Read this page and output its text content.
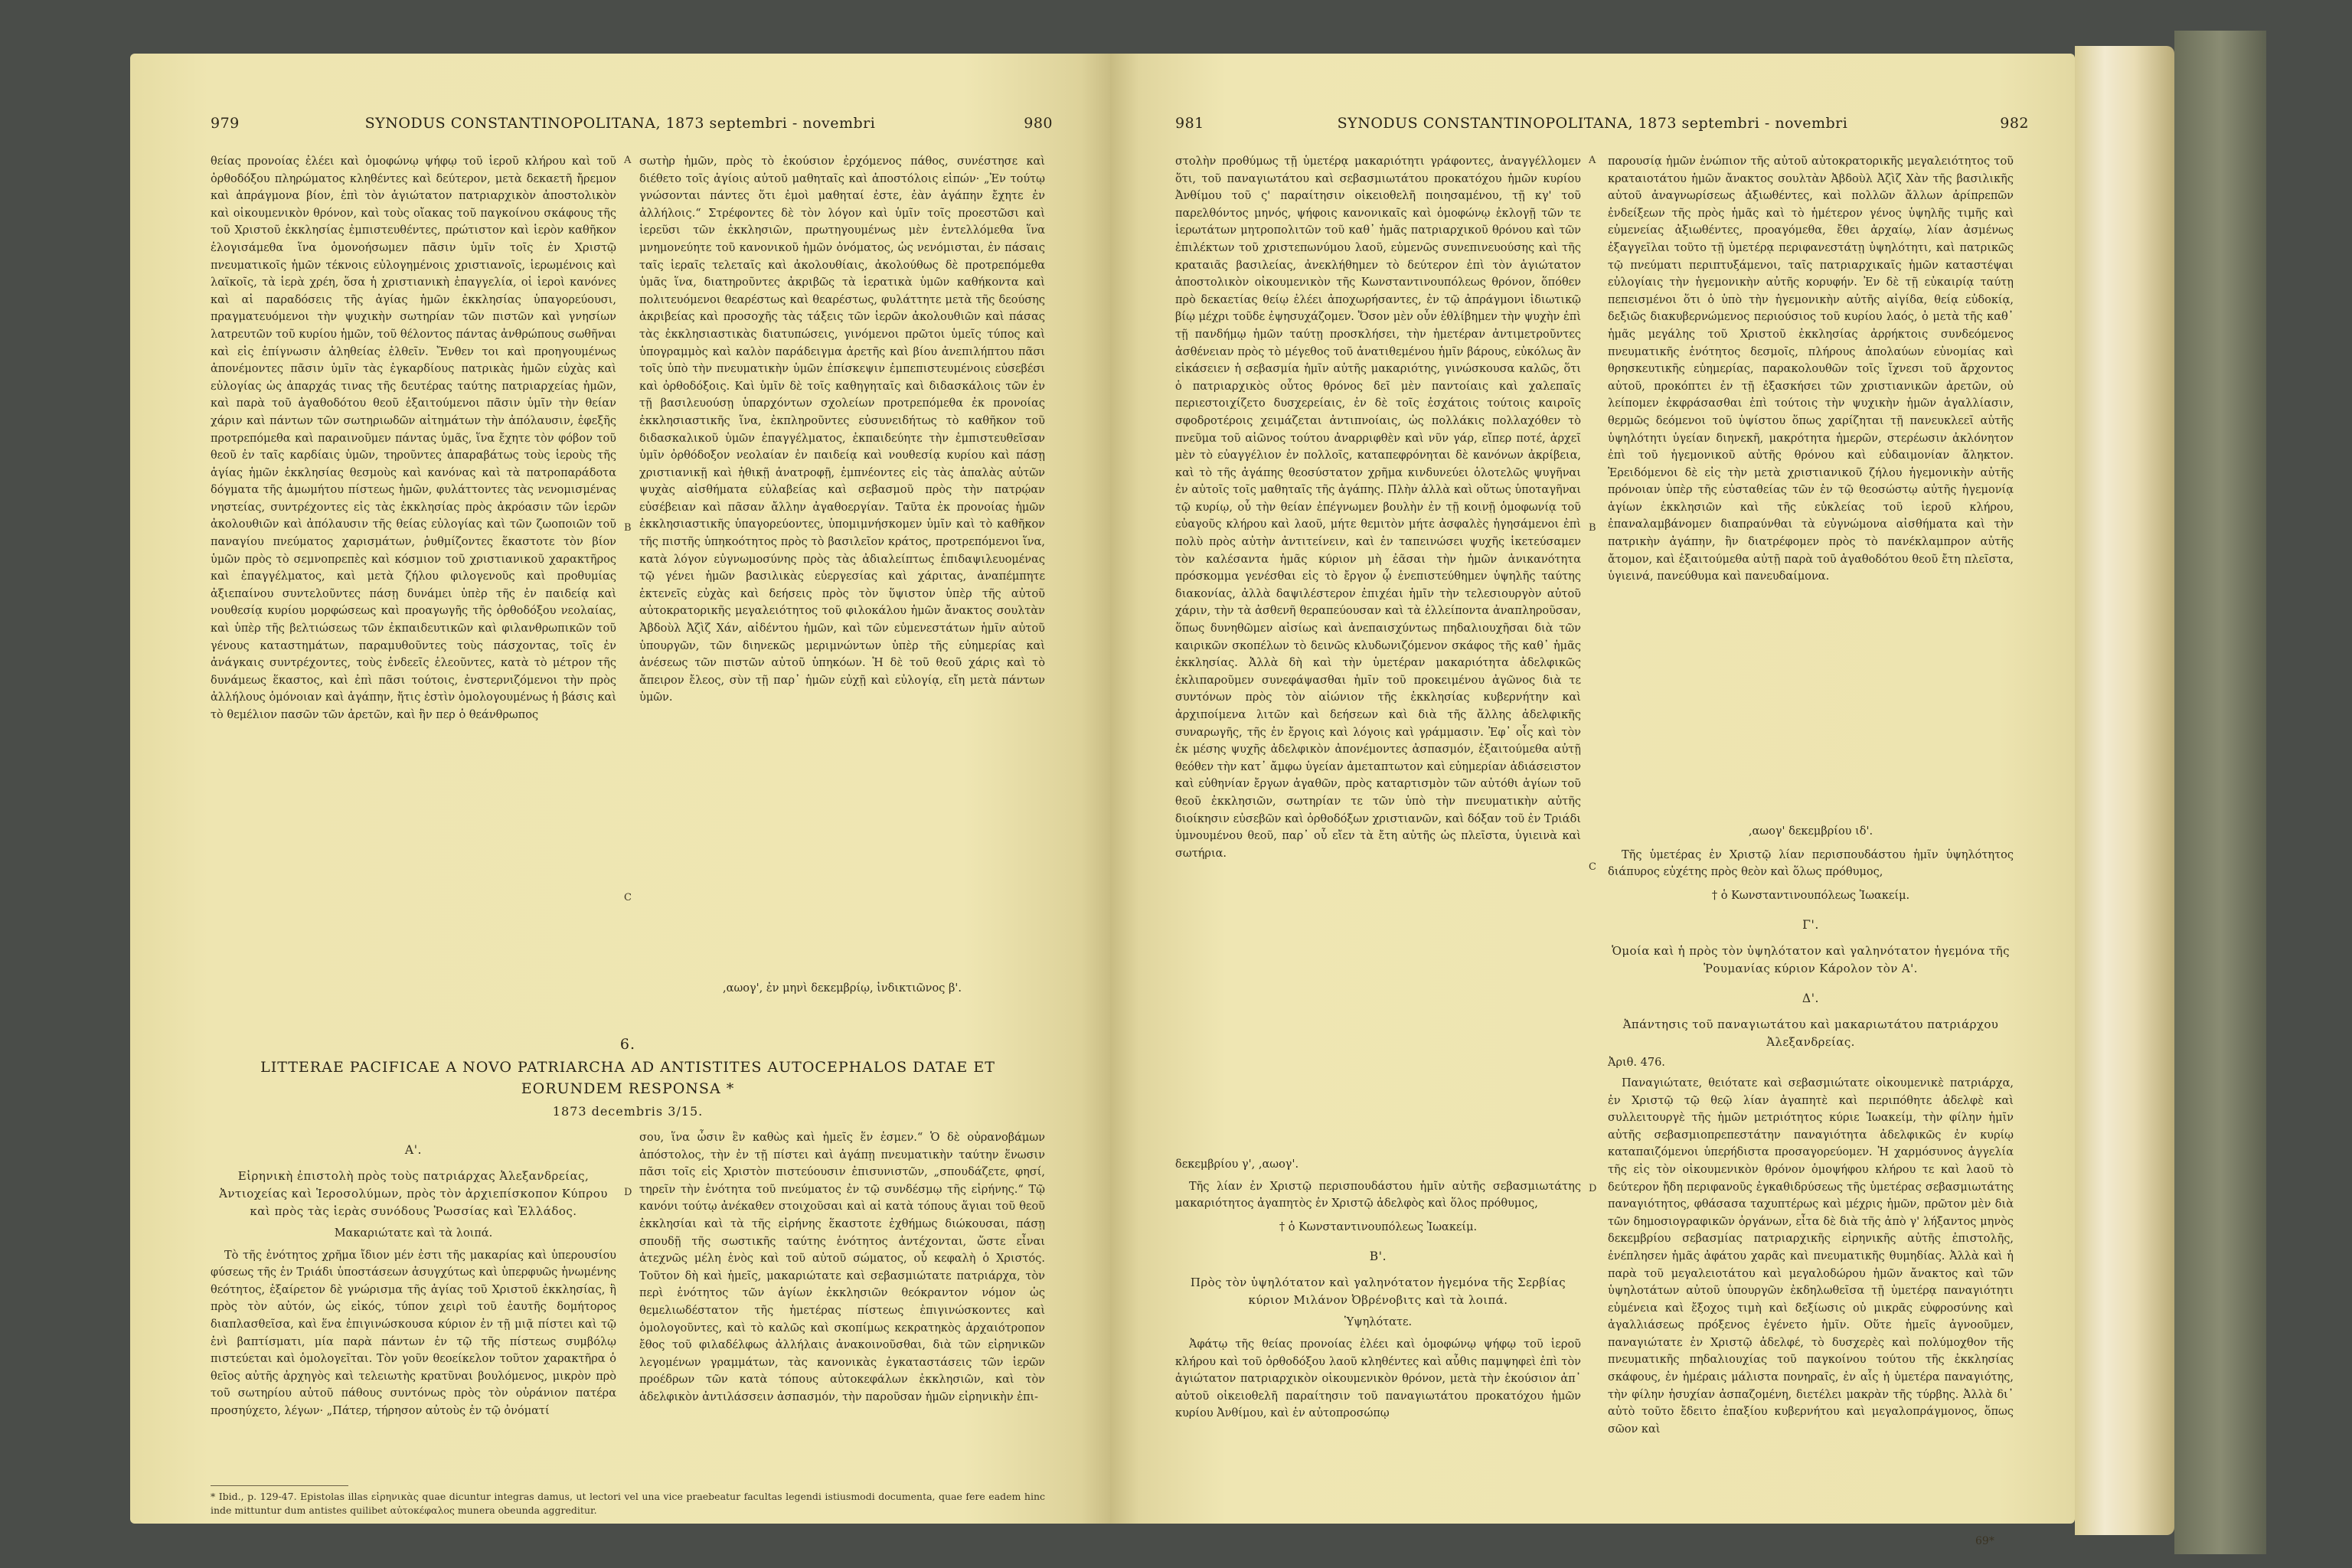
979	SYNODUS CONSTANTINOPOLITANA, 1873 septembri - novembri	980

θείας προνοίας ἐλέει καὶ ὁμοφώνῳ ψήφῳ τοῦ ἱεροῦ κλήρου καὶ τοῦ ὀρθοδόξου πληρώματος κληθέντες καὶ δεύτερον, μετὰ δεκαετῆ ἤρεμον καὶ ἀπράγμονα βίον, ἐπὶ τὸν ἁγιώτατον πατριαρχικὸν ἀποστολικὸν καὶ οἰκουμενικὸν θρόνον, καὶ τοὺς οἴακας τοῦ παγκοίνου σκάφους τῆς τοῦ Χριστοῦ ἐκκλησίας ἐμπιστευθέντες, πρώτιστον καὶ ἱερὸν καθῆκον ἐλογισάμεθα ἵνα ὁμονοήσωμεν πᾶσιν ὑμῖν τοῖς ἐν Χριστῷ πνευματικοῖς ἡμῶν τέκνοις εὐλογημένοις χριστιανοῖς, ἱερωμένοις καὶ λαϊκοῖς, τὰ ἱερὰ χρέη, ὅσα ἡ χριστιανικὴ ἐπαγγελία, οἱ ἱεροὶ κανόνες καὶ αἱ παραδόσεις τῆς ἁγίας ἡμῶν ἐκκλησίας ὑπαγορεύουσι, πραγματευόμενοι τὴν ψυχικὴν σωτηρίαν τῶν πιστῶν καὶ γνησίων λατρευτῶν τοῦ κυρίου ἡμῶν, τοῦ θέλοντος πάντας ἀνθρώπους σωθῆναι καὶ εἰς ἐπίγνωσιν ἀληθείας ἐλθεῖν. Ἔνθεν τοι καὶ προηγουμένως ἀπονέμοντες πᾶσιν ὑμῖν τὰς ἐγκαρδίους πατρικὰς ἡμῶν εὐχὰς καὶ εὐλογίας ὡς ἀπαρχάς τινας τῆς δευτέρας ταύτης πατριαρχείας ἡμῶν, καὶ παρὰ τοῦ ἀγαθοδότου θεοῦ ἐξαιτούμενοι πᾶσιν ὑμῖν τὴν θείαν χάριν καὶ πάντων τῶν σωτηριωδῶν αἰτημάτων τὴν ἀπόλαυσιν, ἐφεξῆς προτρεπόμεθα καὶ παραινοῦμεν πάντας ὑμᾶς, ἵνα ἔχητε τὸν φόβον τοῦ θεοῦ ἐν ταῖς καρδίαις ὑμῶν, τηροῦντες ἀπαραβάτως τοὺς ἱεροὺς τῆς ἁγίας ἡμῶν ἐκκλησίας θεσμοὺς καὶ κανόνας καὶ τὰ πατροπαράδοτα δόγματα τῆς ἀμωμήτου πίστεως ἡμῶν, φυλάττοντες τὰς νενομισμένας νηστείας, συντρέχοντες εἰς τὰς ἐκκλησίας πρὸς ἀκρόασιν τῶν ἱερῶν ἀκολουθιῶν καὶ ἀπόλαυσιν τῆς θείας εὐλογίας καὶ τῶν ζωοποιῶν τοῦ παναγίου πνεύματος χαρισμάτων, ῥυθμίζοντες ἕκαστοτε τὸν βίον ὑμῶν πρὸς τὸ σεμνοπρεπὲς καὶ κόσμιον τοῦ χριστιανικοῦ χαρακτῆρος καὶ ἐπαγγέλματος, καὶ μετὰ ζήλου φιλογενοῦς καὶ προθυμίας ἀξιεπαίνου συντελοῦντες πάσῃ δυνάμει ὑπὲρ τῆς ἐν παιδείᾳ καὶ νουθεσίᾳ κυρίου μορφώσεως καὶ προαγωγῆς τῆς ὀρθοδόξου νεολαίας, καὶ ὑπὲρ τῆς βελτιώσεως τῶν ἐκπαιδευτικῶν καὶ φιλανθρωπικῶν τοῦ γένους καταστημάτων, παραμυθοῦντες τοὺς πάσχοντας, τοῖς ἐν ἀνάγκαις συντρέχοντες, τοὺς ἐνδεεῖς ἐλεοῦντες, κατὰ τὸ μέτρον τῆς δυνάμεως ἕκαστος, καὶ ἐπὶ πᾶσι τούτοις, ἐνστερνιζόμενοι τὴν πρὸς ἀλλήλους ὁμόνοιαν καὶ ἀγάπην, ἥτις ἐστὶν ὁμολογουμένως ἡ βάσις καὶ τὸ θεμέλιον πασῶν τῶν ἀρετῶν, καὶ ἣν περ ὁ θεάνθρωπος

σωτὴρ ἡμῶν, πρὸς τὸ ἑκούσιον ἐρχόμενος πάθος, συνέστησε καὶ διέθετο τοῖς ἁγίοις αὐτοῦ μαθηταῖς καὶ ἀποστόλοις εἰπών· „Ἐν τούτῳ γνώσονται πάντες ὅτι ἐμοὶ μαθηταί ἐστε, ἐὰν ἀγάπην ἔχητε ἐν ἀλλήλοις.“ Στρέφοντες δὲ τὸν λόγον καὶ ὑμῖν τοῖς προεστῶσι καὶ ἱερεῦσι τῶν ἐκκλησιῶν, πρωτηγουμένως μὲν ἐντελλόμεθα ἵνα μνημονεύητε τοῦ κανονικοῦ ἡμῶν ὀνόματος, ὡς νενόμισται, ἐν πάσαις ταῖς ἱεραῖς τελεταῖς καὶ ἀκολουθίαις, ἀκολούθως δὲ προτρεπόμεθα ὑμᾶς ἵνα, διατηροῦντες ἀκριβῶς τὰ ἱερατικὰ ὑμῶν καθήκοντα καὶ πολιτευόμενοι θεαρέστως καὶ θεαρέστως, φυλάττητε μετὰ τῆς δεούσης ἀκριβείας καὶ προσοχῆς τὰς τάξεις τῶν ἱερῶν ἀκολουθιῶν καὶ πάσας τὰς ἐκκλησιαστικὰς διατυπώσεις, γινόμενοι πρῶτοι ὑμεῖς τύπος καὶ ὑπογραμμὸς καὶ καλὸν παράδειγμα ἀρετῆς καὶ βίου ἀνεπιλήπτου πᾶσι τοῖς ὑπὸ τὴν πνευματικὴν ὑμῶν ἐπίσκεψιν ἐμπεπιστευμένοις εὐσεβέσι καὶ ὀρθοδόξοις. Καὶ ὑμῖν δὲ τοῖς καθηγηταῖς καὶ διδασκάλοις τῶν ἐν τῇ βασιλευούσῃ ὑπαρχόντων σχολείων προτρεπόμεθα ἐκ προνοίας ἐκκλησιαστικῆς ἵνα, ἐκπληροῦντες εὐσυνειδήτως τὸ καθῆκον τοῦ διδασκαλικοῦ ὑμῶν ἐπαγγέλματος, ἐκπαιδεύητε τὴν ἐμπιστευθεῖσαν ὑμῖν ὀρθόδοξον νεολαίαν ἐν παιδείᾳ καὶ νουθεσίᾳ κυρίου καὶ πάσῃ χριστιανικῇ καὶ ἠθικῇ ἀνατροφῇ, ἐμπνέοντες εἰς τὰς ἁπαλὰς αὐτῶν ψυχὰς αἰσθήματα εὐλαβείας καὶ σεβασμοῦ πρὸς τὴν πατρῴαν εὐσέβειαν καὶ πᾶσαν ἄλλην ἀγαθοεργίαν. Ταῦτα ἐκ προνοίας ἡμῶν ἐκκλησιαστικῆς ὑπαγορεύοντες, ὑπομιμνήσκομεν ὑμῖν καὶ τὸ καθῆκον τῆς πιστῆς ὑπηκοότητος πρὸς τὸ βασιλεῖον κράτος, προτρεπόμενοι ἵνα, κατὰ λόγον εὐγνωμοσύνης πρὸς τὰς ἀδιαλείπτως ἐπιδαψιλευομένας τῷ γένει ἡμῶν βασιλικὰς εὐεργεσίας καὶ χάριτας, ἀναπέμπητε ἐκτενεῖς εὐχὰς καὶ δεήσεις πρὸς τὸν ὕψιστον ὑπὲρ τῆς αὐτοῦ αὐτοκρατορικῆς μεγαλειότητος τοῦ φιλοκάλου ἡμῶν ἄνακτος σουλτὰν Ἀβδοὺλ Ἀζὶζ Χάν, αἰδέντου ἡμῶν, καὶ τῶν εὐμενεστάτων ἡμῖν αὐτοῦ ὑπουργῶν, τῶν διηνεκῶς μεριμνώντων ὑπὲρ τῆς εὐημερίας καὶ ἀνέσεως τῶν πιστῶν αὐτοῦ ὑπηκόων. Ἡ δὲ τοῦ θεοῦ χάρις καὶ τὸ ἄπειρον ἔλεος, σὺν τῇ παρ᾽ ἡμῶν εὐχῇ καὶ εὐλογίᾳ, εἴη μετὰ πάντων ὑμῶν.

,αωογ', ἐν μηνὶ δεκεμβρίῳ, ἰνδικτιῶνος β'.
A
B
C
D
6.
LITTERAE PACIFICAE A NOVO PATRIARCHA AD ANTISTITES AUTOCEPHALOS DATAE ET EORUNDEM RESPONSA *
1873 decembris 3/15.
Α'.

Εἰρηνικὴ ἐπιστολὴ πρὸς τοὺς πατριάρχας Ἀλεξανδρείας, Ἀντιοχείας καὶ Ἱεροσολύμων, πρὸς τὸν ἀρχιεπίσκοπον Κύπρου καὶ πρὸς τὰς ἱερὰς συνόδους Ῥωσσίας καὶ Ἑλλάδος.

Μακαριώτατε καὶ τὰ λοιπά.

Τὸ τῆς ἑνότητος χρῆμα ἴδιον μέν ἐστι τῆς μακαρίας καὶ ὑπερουσίου φύσεως τῆς ἐν Τριάδι ὑποστάσεων ἀσυγχύτως καὶ ὑπερφυῶς ἡνωμένης θεότητος, ἐξαίρετον δὲ γνώρισμα τῆς ἁγίας τοῦ Χριστοῦ ἐκκλησίας, ἣ πρὸς τὸν αὐτόν, ὡς εἰκός, τύπον χειρὶ τοῦ ἑαυτῆς δομήτορος διαπλασθεῖσα, καὶ ἕνα ἐπιγινώσκουσα κύριον ἐν τῇ μιᾷ πίστει καὶ τῷ ἑνὶ βαπτίσματι, μία παρὰ πάντων ἐν τῷ τῆς πίστεως συμβόλῳ πιστεύεται καὶ ὁμολογεῖται. Τὸν γοῦν θεοείκελον τοῦτον χαρακτῆρα ὁ θεῖος αὐτῆς ἀρχηγὸς καὶ τελειωτὴς κρατῦναι βουλόμενος, μικρὸν πρὸ τοῦ σωτηρίου αὐτοῦ πάθους συντόνως πρὸς τὸν οὐράνιον πατέρα προσηύχετο, λέγων· „Πάτερ, τήρησον αὐτοὺς ἐν τῷ ὀνόματί

σου, ἵνα ὦσιν ἓν καθὼς καὶ ἡμεῖς ἕν ἐσμεν.“ Ὁ δὲ οὐρανοβάμων ἀπόστολος, τὴν ἐν τῇ πίστει καὶ ἀγάπῃ πνευματικὴν ταύτην ἕνωσιν πᾶσι τοῖς εἰς Χριστὸν πιστεύουσιν ἐπισυνιστῶν, „σπουδάζετε, φησί, τηρεῖν τὴν ἑνότητα τοῦ πνεύματος ἐν τῷ συνδέσμῳ τῆς εἰρήνης.“ Τῷ κανόνι τούτῳ ἀνέκαθεν στοιχοῦσαι καὶ αἱ κατὰ τόπους ἅγιαι τοῦ θεοῦ ἐκκλησίαι καὶ τὰ τῆς εἰρήνης ἕκαστοτε ἐχθήμως διώκουσαι, πάσῃ σπουδῇ τῆς σωστικῆς ταύτης ἑνότητος ἀντέχονται, ὥστε εἶναι ἀτεχνῶς μέλη ἑνὸς καὶ τοῦ αὐτοῦ σώματος, οὗ κεφαλὴ ὁ Χριστός. Τοῦτον δὴ καὶ ἡμεῖς, μακαριώτατε καὶ σεβασμιώτατε πατριάρχα, τὸν περὶ ἑνότητος τῶν ἁγίων ἐκκλησιῶν θεόκραντον νόμον ὡς θεμελιωδέστατον τῆς ἡμετέρας πίστεως ἐπιγινώσκοντες καὶ ὁμολογοῦντες, καὶ τὸ καλῶς καὶ σκοπίμως κεκρατηκὸς ἀρχαιότροπον ἔθος τοῦ φιλαδέλφως ἀλλήλαις ἀνακοινοῦσθαι, διὰ τῶν εἰρηνικῶν λεγομένων γραμμάτων, τὰς κανονικὰς ἐγκαταστάσεις τῶν ἱερῶν προέδρων τῶν κατὰ τόπους αὐτοκεφάλων ἐκκλησιῶν, καὶ τὸν ἀδελφικὸν ἀντιλάσσειν ἀσπασμόν, τὴν παροῦσαν ἡμῶν εἰρηνικὴν ἐπι-

* Ibid., p. 129-47. Epistolas illas εἰρηνικὰς quae dicuntur integras damus, ut lectori vel una vice praebeatur facultas legendi istiusmodi documenta, quae fere eadem hinc inde mittuntur dum antistes quilibet αὐτοκέφαλος munera obeunda aggreditur.
981	SYNODUS CONSTANTINOPOLITANA, 1873 septembri - novembri	982

στολὴν προθύμως τῇ ὑμετέρᾳ μακαριότητι γράφοντες, ἀναγγέλλομεν ὅτι, τοῦ παναγιωτάτου καὶ σεβασμιωτάτου προκατόχου ἡμῶν κυρίου Ἀνθίμου τοῦ ς' παραίτησιν οἰκειοθελῆ ποιησαμένου, τῇ κγ' τοῦ παρελθόντος μηνός, ψήφοις κανονικαῖς καὶ ὁμοφώνῳ ἐκλογῇ τῶν τε ἱερωτάτων μητροπολιτῶν τοῦ καθ᾽ ἡμᾶς πατριαρχικοῦ θρόνου καὶ τῶν ἐπιλέκτων τοῦ χριστεπωνύμου λαοῦ, εὐμενῶς συνεπινευούσης καὶ τῆς κραταιᾶς βασιλείας, ἀνεκλήθημεν τὸ δεύτερον ἐπὶ τὸν ἁγιώτατον ἀποστολικὸν οἰκουμενικὸν τῆς Κωνσταντινουπόλεως θρόνον, ὅπόθεν πρὸ δεκαετίας θείῳ ἐλέει ἀποχωρήσαντες, ἐν τῷ ἀπράγμονι ἰδιωτικῷ βίῳ μέχρι τοῦδε ἐψησυχάζομεν. Ὅσον μὲν οὖν ἐθλίβημεν τὴν ψυχὴν ἐπὶ τῇ πανδήμῳ ἡμῶν ταύτῃ προσκλήσει, τὴν ἡμετέραν ἀντιμετροῦντες ἀσθένειαν πρὸς τὸ μέγεθος τοῦ ἀνατιθεμένου ἡμῖν βάρους, εὐκόλως ἂν εἰκάσειεν ἡ σεβασμία ἡμῖν αὐτῆς μακαριότης, γινώσκουσα καλῶς, ὅτι ὁ πατριαρχικὸς οὗτος θρόνος δεῖ μὲν παντοίαις καὶ χαλεπαῖς περιεστοιχίζετο δυσχερείαις, ἐν δὲ τοῖς ἐσχάτοις τούτοις καιροῖς σφοδροτέροις χειμάζεται ἀντιπνοίαις, ὡς πολλάκις πολλαχόθεν τὸ πνεῦμα τοῦ αἰῶνος τούτου ἀναρριφθὲν καὶ νῦν γάρ, εἴπερ ποτέ, ἀρχεῖ μὲν τὸ εὐαγγέλιον ἐν πολλοῖς, καταπεφρόνηται δὲ κανόνων ἀκρίβεια, καὶ τὸ τῆς ἀγάπης θεοσύστατον χρῆμα κινδυνεύει ὁλοτελῶς ψυγῆναι ἐν αὐτοῖς τοῖς μαθηταῖς τῆς ἀγάπης. Πλὴν ἀλλὰ καὶ οὕτως ὑποταγῆναι τῷ κυρίῳ, οὗ τὴν θείαν ἐπέγνωμεν βουλὴν ἐν τῇ κοινῇ ὁμοφωνίᾳ τοῦ εὐαγοῦς κλήρου καὶ λαοῦ, μήτε θεμιτὸν μήτε ἀσφαλὲς ἡγησάμενοι ἐπὶ πολὺ πρὸς αὐτὴν ἀντιτείνειν, καὶ ἐν ταπεινώσει ψυχῆς ἱκετεύσαμεν τὸν καλέσαντα ἡμᾶς κύριον μὴ ἐᾶσαι τὴν ἡμῶν ἀνικανότητα πρόσκομμα γενέσθαι εἰς τὸ ἔργον ᾧ ἐνεπιστεύθημεν ὑψηλῆς ταύτης διακονίας, ἀλλὰ δαψιλέστερον ἐπιχέαι ἡμῖν τὴν τελεσιουργὸν αὐτοῦ χάριν, τὴν τὰ ἀσθενῆ θεραπεύουσαν καὶ τὰ ἐλλείποντα ἀναπληροῦσαν, ὅπως δυνηθῶμεν αἰσίως καὶ ἀνεπαισχύντως πηδαλιουχῆσαι διὰ τῶν καιρικῶν σκοπέλων τὸ δεινῶς κλυδωνιζόμενον σκάφος τῆς καθ᾽ ἡμᾶς ἐκκλησίας. Ἀλλὰ δὴ καὶ τὴν ὑμετέραν μακαριότητα ἀδελφικῶς ἐκλιπαροῦμεν συνεφάψασθαι ἡμῖν τοῦ προκειμένου ἀγῶνος διὰ τε συντόνων πρὸς τὸν αἰώνιον τῆς ἐκκλησίας κυβερνήτην καὶ ἀρχιποίμενα λιτῶν καὶ δεήσεων καὶ διὰ τῆς ἄλλης ἀδελφικῆς συναρωγῆς, τῆς ἐν ἔργοις καὶ λόγοις καὶ γράμμασιν. Ἐφ᾽ οἷς καὶ τὸν ἐκ μέσης ψυχῆς ἀδελφικὸν ἀπονέμοντες ἀσπασμόν, ἐξαιτούμεθα αὐτῇ θεόθεν τὴν κατ᾽ ἄμφω ὑγείαν ἀμεταπτωτον καὶ εὐημερίαν ἀδιάσειστον καὶ εὐθηνίαν ἔργων ἀγαθῶν, πρὸς καταρτισμὸν τῶν αὐτόθι ἁγίων τοῦ θεοῦ ἐκκλησιῶν, σωτηρίαν τε τῶν ὑπὸ τὴν πνευματικὴν αὐτῆς διοίκησιν εὐσεβῶν καὶ ὀρθοδόξων χριστιανῶν, καὶ δόξαν τοῦ ἐν Τριάδι ὑμνουμένου θεοῦ, παρ᾽ οὗ εἴεν τὰ ἔτη αὐτῆς ὡς πλεῖστα, ὑγιεινὰ καὶ σωτήρια.

δεκεμβρίου γ', ,αωογ'.

Τῆς λίαν ἐν Χριστῷ περισπουδάστου ἡμῖν αὐτῆς σεβασμιωτάτης μακαριότητος ἀγαπητὸς ἐν Χριστῷ ἀδελφὸς καὶ ὅλος πρόθυμος,

† ὁ Κωνσταντινουπόλεως Ἰωακείμ.

Β'.

Πρὸς τὸν ὑψηλότατον καὶ γαληνότατον ἡγεμόνα τῆς Σερβίας κύριον Μιλάνον Ὀβρένοβιτς καὶ τὰ λοιπά.

Ὑψηλότατε.

Ἀφάτῳ τῆς θείας προνοίας ἐλέει καὶ ὁμοφώνῳ ψήφῳ τοῦ ἱεροῦ κλήρου καὶ τοῦ ὀρθοδόξου λαοῦ κληθέντες καὶ αὖθις παμψηφεὶ ἐπὶ τὸν ἁγιώτατον πατριαρχικὸν οἰκουμενικὸν θρόνον, μετὰ τὴν ἑκούσιον ἀπ᾽ αὐτοῦ οἰκειοθελῆ παραίτησιν τοῦ παναγιωτάτου προκατόχου ἡμῶν κυρίου Ἀνθίμου, καὶ ἐν αὐτοπροσώπῳ

A
B
C
D

παρουσίᾳ ἡμῶν ἐνώπιον τῆς αὐτοῦ αὐτοκρατορικῆς μεγαλειότητος τοῦ κραταιοτάτου ἡμῶν ἄνακτος σουλτὰν Ἀβδοὺλ Ἀζὶζ Χὰν τῆς βασιλικῆς αὐτοῦ ἀναγνωρίσεως ἀξιωθέντες, καὶ πολλῶν ἄλλων ἀρίπρεπῶν ἐνδείξεων τῆς πρὸς ἡμᾶς καὶ τὸ ἡμέτερον γένος ὑψηλῆς τιμῆς καὶ εὐμενείας ἀξιωθέντες, προαγόμεθα, ἔθει ἀρχαίῳ, λίαν ἀσμένως ἐξαγγεῖλαι τοῦτο τῇ ὑμετέρᾳ περιφανεστάτῃ ὑψηλότητι, καὶ πατρικῶς τῷ πνεύματι περιπτυξάμενοι, ταῖς πατριαρχικαῖς ἡμῶν καταστέψαι εὐλογίαις τὴν ἡγεμονικὴν αὐτῆς κορυφήν. Ἐν δὲ τῇ εὐκαιρίᾳ ταύτῃ πεπεισμένοι ὅτι ὁ ὑπὸ τὴν ἡγεμονικὴν αὐτῆς αἰγίδα, θείᾳ εὐδοκίᾳ, δεξιῶς διακυβερνώμενος περιούσιος τοῦ κυρίου λαός, ὁ μετὰ τῆς καθ᾽ ἡμᾶς μεγάλης τοῦ Χριστοῦ ἐκκλησίας ἀρρήκτοις συνδεόμενος πνευματικῆς ἑνότητος δεσμοῖς, πλήρους ἀπολαύων εὐνομίας καὶ θρησκευτικῆς εὐημερίας, παρακολουθῶν τοῖς ἴχνεσι τοῦ ἄρχοντος αὐτοῦ, προκόπτει ἐν τῇ ἐξασκήσει τῶν χριστιανικῶν ἀρετῶν, οὐ λείπομεν ἐκφράσασθαι ἐπὶ τούτοις τὴν ψυχικὴν ἡμῶν ἀγαλλίασιν, θερμῶς δεόμενοι τοῦ ὑψίστου ὅπως χαρίζηται τῇ πανευκλεεῖ αὐτῆς ὑψηλότητι ὑγείαν διηνεκῆ, μακρότητα ἡμερῶν, στερέωσιν ἀκλόνητον ἐπὶ τοῦ ἡγεμονικοῦ αὐτῆς θρόνου καὶ εὐδαιμονίαν ἄληκτον. Ἐρειδόμενοι δὲ εἰς τὴν μετὰ χριστιανικοῦ ζήλου ἡγεμονικὴν αὐτῆς πρόνοιαν ὑπὲρ τῆς εὐσταθείας τῶν ἐν τῷ θεοσώστῳ αὐτῆς ἡγεμονίᾳ ἁγίων ἐκκλησιῶν καὶ τῆς εὐκλείας τοῦ ἱεροῦ κλήρου, ἐπαναλαμβάνομεν διαπραύνθαι τὰ εὐγνώμονα αἰσθήματα καὶ τὴν πατρικὴν ἀγάπην, ἣν διατρέφομεν πρὸς τὸ πανέκλαμπρον αὐτῆς ἄτομον, καὶ ἐξαιτούμεθα αὐτῇ παρὰ τοῦ ἀγαθοδότου θεοῦ ἔτη πλεῖστα, ὑγιεινά, πανεύθυμα καὶ πανευδαίμονα.

,αωογ' δεκεμβρίου ιδ'.

Τῆς ὑμετέρας ἐν Χριστῷ λίαν περισπουδάστου ἡμῖν ὑψηλότητος διάπυρος εὐχέτης πρὸς θεὸν καὶ ὅλως πρόθυμος,

† ὁ Κωνσταντινουπόλεως Ἰωακείμ.

Γ'.

Ὁμοία καὶ ἡ πρὸς τὸν ὑψηλότατον καὶ γαληνότατον ἡγεμόνα τῆς Ῥουμανίας κύριον Κάρολον τὸν Α'.

Δ'.

Ἀπάντησις τοῦ παναγιωτάτου καὶ μακαριωτάτου πατριάρχου Ἀλεξανδρείας.

Ἀριθ. 476.

Παναγιώτατε, θειότατε καὶ σεβασμιώτατε οἰκουμενικὲ πατριάρχα, ἐν Χριστῷ τῷ θεῷ λίαν ἀγαπητὲ καὶ περιπόθητε ἀδελφὲ καὶ συλλειτουργὲ τῆς ἡμῶν μετριότητος κύριε Ἰωακείμ, τὴν φίλην ἡμῖν αὐτῆς σεβασμιοπρεπεστάτην παναγιότητα ἀδελφικῶς ἐν κυρίῳ καταπαιζόμενοι ὑπερήδιστα προσαγορεύομεν. Ἡ χαρμόσυνος ἀγγελία τῆς εἰς τὸν οἰκουμενικὸν θρόνον ὁμοψήφου κλήρου τε καὶ λαοῦ τὸ δεύτερον ἤδη περιφανοῦς ἐγκαθιδρύσεως τῆς ὑμετέρας σεβασμιωτάτης παναγιότητος, φθάσασα ταχυπτέρως καὶ μέχρις ἡμῶν, πρῶτον μὲν διὰ τῶν δημοσιογραφικῶν ὀργάνων, εἶτα δὲ διὰ τῆς ἀπὸ γ' λήξαντος μηνὸς δεκεμβρίου σεβασμίας πατριαρχικῆς εἰρηνικῆς αὐτῆς ἐπιστολῆς, ἐνέπλησεν ἡμᾶς ἀφάτου χαρᾶς καὶ πνευματικῆς θυμηδίας. Ἀλλὰ καὶ ἡ παρὰ τοῦ μεγαλειοτάτου καὶ μεγαλοδώρου ἡμῶν ἄνακτος καὶ τῶν ὑψηλοτάτων αὐτοῦ ὑπουργῶν ἐκδηλωθεῖσα τῇ ὑμετέρᾳ παναγιότητι εὐμένεια καὶ ἔξοχος τιμὴ καὶ δεξίωσις οὐ μικρᾶς εὐφροσύνης καὶ ἀγαλλιάσεως πρόξενος ἐγένετο ἡμῖν. Οὕτε ἡμεῖς ἀγνοοῦμεν, παναγιώτατε ἐν Χριστῷ ἀδελφέ, τὸ δυσχερὲς καὶ πολύμοχθον τῆς πνευματικῆς πηδαλιουχίας τοῦ παγκοίνου τούτου τῆς ἐκκλησίας σκάφους, ἐν ἡμέραις μάλιστα πονηραῖς, ἐν αἷς ἡ ὑμετέρα παναγιότης, τὴν φίλην ἡσυχίαν ἀσπαζομένη, διετέλει μακρὰν τῆς τύρβης. Ἀλλὰ δι᾽ αὐτὸ τοῦτο ἔδειτο ἐπαξίου κυβερνήτου καὶ μεγαλοπράγμονος, ὅπως σῶον καὶ

69*
